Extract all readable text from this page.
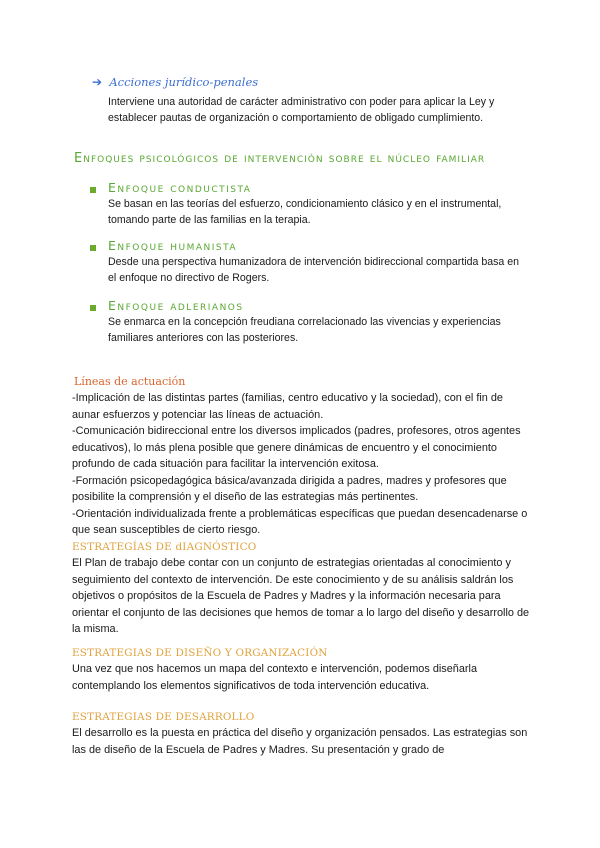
➔ Acciones jurídico-penales
Interviene una autoridad de carácter administrativo con poder para aplicar la Ley y establecer pautas de organización o comportamiento de obligado cumplimiento.
Enfoques psicológicos de intervención sobre el núcleo familiar
Enfoque conductista
Se basan en las teorías del esfuerzo, condicionamiento clásico y en el instrumental, tomando parte de las familias en la terapia.
Enfoque humanista
Desde una perspectiva humanizadora de intervención bidireccional compartida basa en el enfoque no directivo de Rogers.
Enfoque adlerianos
Se enmarca en la concepción freudiana correlacionado las vivencias y experiencias familiares anteriores con las posteriores.
Líneas de actuación
-Implicación de las distintas partes (familias, centro educativo y la sociedad), con el fin de aunar esfuerzos y potenciar las líneas de actuación.
-Comunicación bidireccional entre los diversos implicados (padres, profesores, otros agentes educativos), lo más plena posible que genere dinámicas de encuentro y el conocimiento profundo de cada situación para facilitar la intervención exitosa.
-Formación psicopedagógica básica/avanzada dirigida a padres, madres y profesores que posibilite la comprensión y el diseño de las estrategias más pertinentes.
-Orientación individualizada frente a problemáticas específicas que puedan desencadenarse o que sean susceptibles de cierto riesgo.
ESTRATEGÍAS DE dIAGNÓSTICO
El Plan de trabajo debe contar con un conjunto de estrategias orientadas al conocimiento y seguimiento del contexto de intervención. De este conocimiento y de su análisis saldrán los objetivos o propósitos de la Escuela de Padres y Madres y la información necesaria para orientar el conjunto de las decisiones que hemos de tomar a lo largo del diseño y desarrollo de la misma.
ESTRATEGIAS DE DISEÑO Y ORGANIZACIÓN
Una vez que nos hacemos un mapa del contexto e intervención, podemos diseñarla contemplando los elementos significativos de toda intervención educativa.
ESTRATEGIAS DE DESARROLLO
El desarrollo es la puesta en práctica del diseño y organización pensados. Las estrategias son las de diseño de la Escuela de Padres y Madres. Su presentación y grado de
